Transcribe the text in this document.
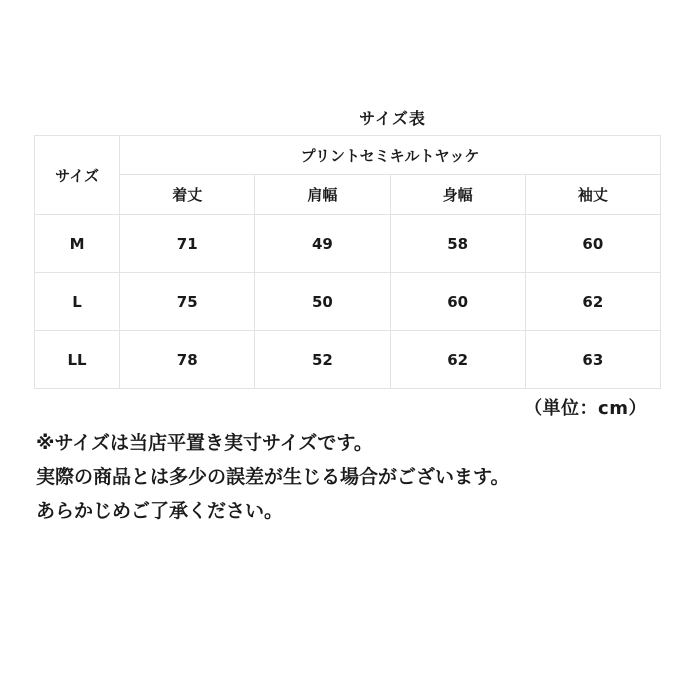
サイズ表
サイズ	プリントセミキルトヤッケ			
	着丈	肩幅	身幅	袖丈
M	71	49	58	60
L	75	50	60	62
LL	78	52	62	63
（単位：cm）
※サイズは当店平置き実寸サイズです。
実際の商品とは多少の誤差が生じる場合がございます。
あらかじめご了承ください。
